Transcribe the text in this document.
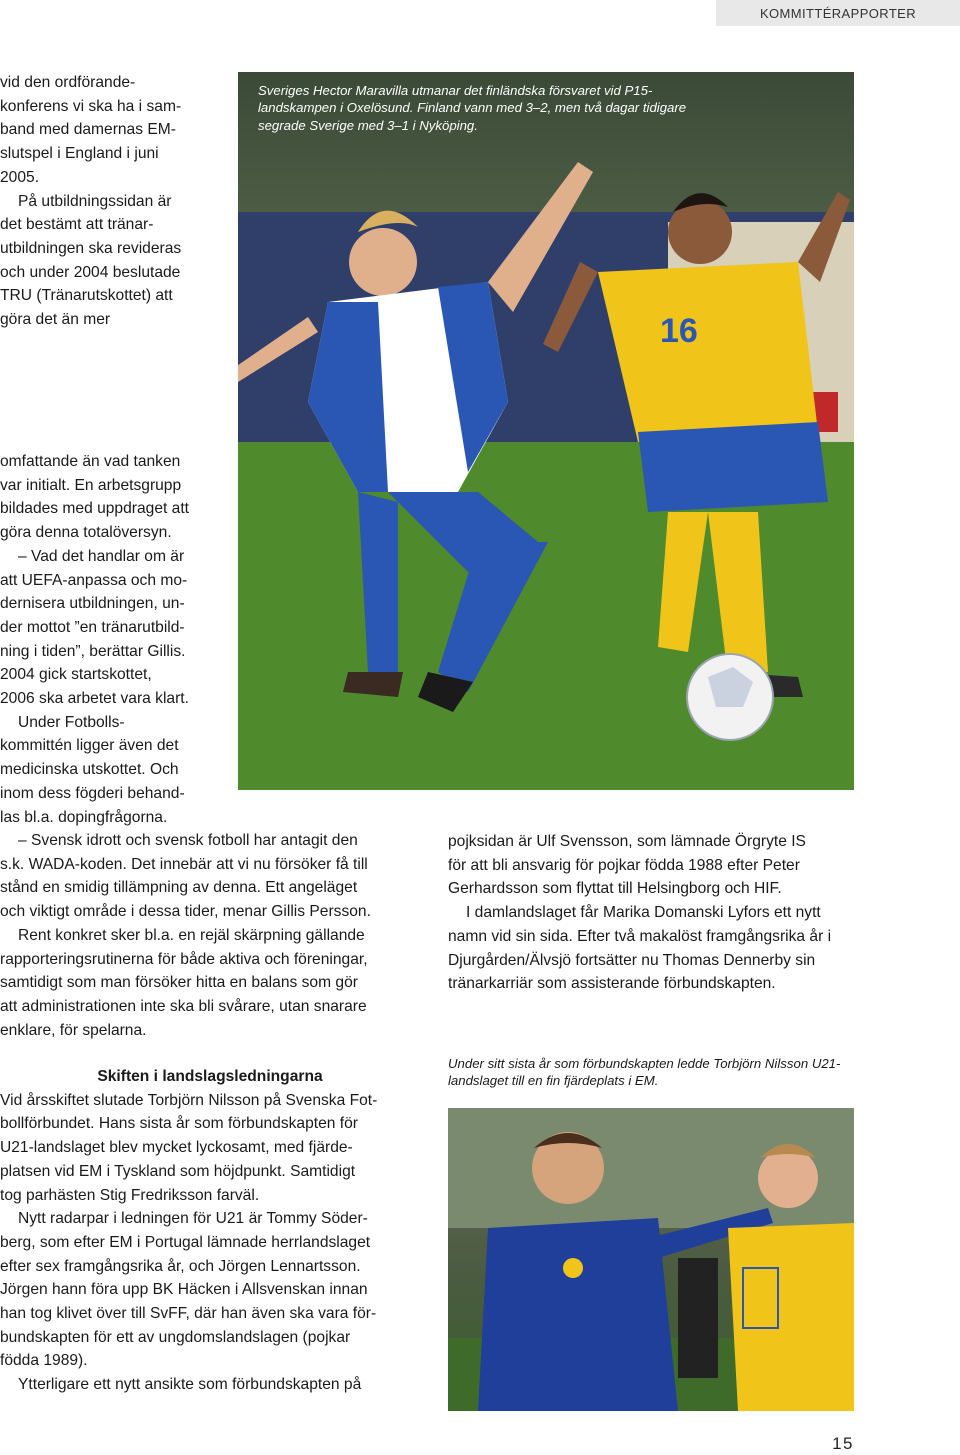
KOMMITTÉRAPPORTER

vid den ordförande-

konferens vi ska ha i sam-

band med damernas EM-

slutspel i England i juni

2005.

På utbildningssidan är

det bestämt att tränar-

utbildningen ska revideras

och under 2004 beslutade

TRU (Tränarutskottet) att

göra det än mer

omfattande än vad tanken

var initialt. En arbetsgrupp

bildades med uppdraget att

göra denna totalöversyn.

– Vad det handlar om är

att UEFA-anpassa och mo-

dernisera utbildningen, un-

der mottot ”en tränarutbild-

ning i tiden”, berättar Gillis.

2004 gick startskottet,

2006 ska arbetet vara klart.

Under Fotbolls-

kommittén ligger även det

medicinska utskottet. Och

inom dess fögderi behand-

las bl.a. dopingfrågorna.

– Svensk idrott och svensk fotboll har antagit den

s.k. WADA-koden. Det innebär att vi nu försöker få till

stånd en smidig tillämpning av denna. Ett angeläget

och viktigt område i dessa tider, menar Gillis Persson.

Rent konkret sker bl.a. en rejäl skärpning gällande

rapporteringsrutinerna för både aktiva och föreningar,

samtidigt som man försöker hitta en balans som gör

att administrationen inte ska bli svårare, utan snarare

enklare, för spelarna.

Skiften i landslagsledningarna

Vid årsskiftet slutade Torbjörn Nilsson på Svenska Fot-

bollförbundet. Hans sista år som förbundskapten för

U21-landslaget blev mycket lyckosamt, med fjärde-

platsen vid EM i Tyskland som höjdpunkt. Samtidigt

tog parhästen Stig Fredriksson farväl.

Nytt radarpar i ledningen för U21 är Tommy Söder-

berg, som efter EM i Portugal lämnade herrlandslaget

efter sex framgångsrika år, och Jörgen Lennartsson.

Jörgen hann föra upp BK Häcken i Allsvenskan innan

han tog klivet över till SvFF, där han även ska vara för-

bundskapten för ett av ungdomslandslagen (pojkar

födda 1989).

Ytterligare ett nytt ansikte som förbundskapten på

pojksidan är Ulf Svensson, som lämnade Örgryte IS

för att bli ansvarig för pojkar födda 1988 efter Peter

Gerhardsson som flyttat till Helsingborg och HIF.

I damlandslaget får Marika Domanski Lyfors ett nytt

namn vid sin sida. Efter två makalöst framgångsrika år i

Djurgården/Älvsjö fortsätter nu Thomas Dennerby sin

tränarkarriär som assisterande förbundskapten.

Sveriges Hector Maravilla utmanar det finländska försvaret vid P15-landskampen i Oxelösund. Finland vann med 3–2, men två dagar tidigare segrade Sverige med 3–1 i Nyköping.
16
Under sitt sista år som förbundskapten ledde Torbjörn Nilsson U21-landslaget till en fin fjärdeplats i EM.
15
